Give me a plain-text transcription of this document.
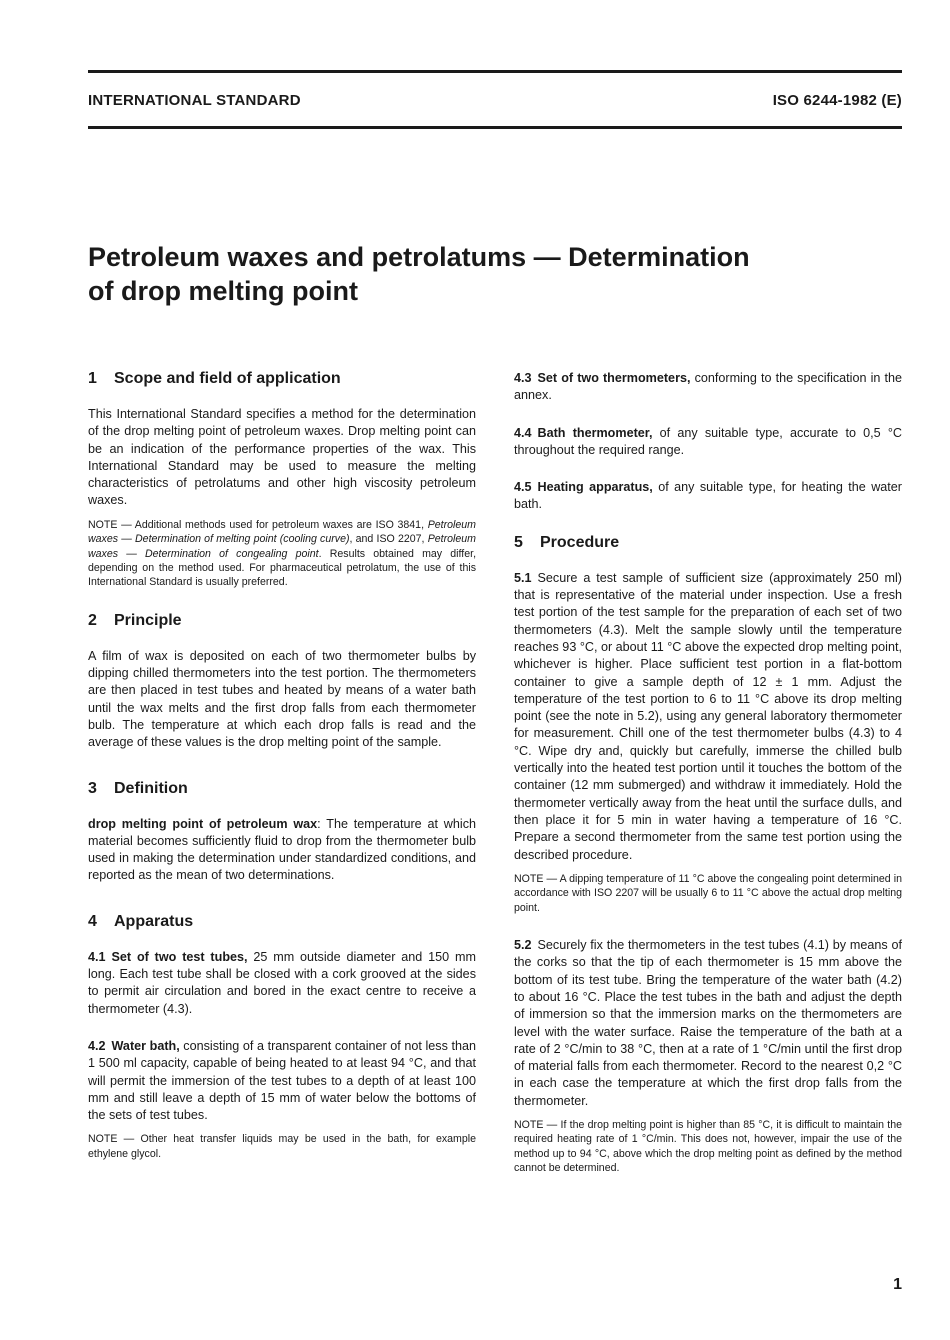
INTERNATIONAL STANDARD	ISO 6244-1982 (E)
Petroleum waxes and petrolatums — Determination
of drop melting point
1 Scope and field of application

This International Standard specifies a method for the determination of the drop melting point of petroleum waxes. Drop melting point can be an indication of the performance properties of the wax. This International Standard may be used to measure the melting characteristics of petrolatums and other high viscosity petroleum waxes.

NOTE — Additional methods used for petroleum waxes are ISO 3841, Petroleum waxes — Determination of melting point (cooling curve), and ISO 2207, Petroleum waxes — Determination of congealing point. Results obtained may differ, depending on the method used. For pharmaceutical petrolatum, the use of this International Standard is usually preferred.
2 Principle

A film of wax is deposited on each of two thermometer bulbs by dipping chilled thermometers into the test portion. The thermometers are then placed in test tubes and heated by means of a water bath until the wax melts and the first drop falls from each thermometer bulb. The temperature at which each drop falls is read and the average of these values is the drop melting point of the sample.

3 Definition

drop melting point of petroleum wax: The temperature at which material becomes sufficiently fluid to drop from the thermometer bulb used in making the determination under standardized conditions, and reported as the mean of two determinations.

4 Apparatus

4.1 Set of two test tubes, 25 mm outside diameter and 150 mm long. Each test tube shall be closed with a cork grooved at the sides to permit air circulation and bored in the exact centre to receive a thermometer (4.3).

4.2 Water bath, consisting of a transparent container of not less than 1 500 ml capacity, capable of being heated to at least 94 °C, and that will permit the immersion of the test tubes to a depth of at least 100 mm and still leave a depth of 15 mm of water below the bottoms of the sets of test tubes.

NOTE — Other heat transfer liquids may be used in the bath, for example ethylene glycol.

4.3 Set of two thermometers, conforming to the specification in the annex.

4.4 Bath thermometer, of any suitable type, accurate to 0,5 °C throughout the required range.

4.5 Heating apparatus, of any suitable type, for heating the water bath.

5 Procedure

5.1 Secure a test sample of sufficient size (approximately 250 ml) that is representative of the material under inspection. Use a fresh test portion of the test sample for the preparation of each set of two thermometers (4.3). Melt the sample slowly until the temperature reaches 93 °C, or about 11 °C above the expected drop melting point, whichever is higher. Place sufficient test portion in a flat-bottom container to give a sample depth of 12 ± 1 mm. Adjust the temperature of the test portion to 6 to 11 °C above its drop melting point (see the note in 5.2), using any general laboratory thermometer for measurement. Chill one of the test thermometer bulbs (4.3) to 4 °C. Wipe dry and, quickly but carefully, immerse the chilled bulb vertically into the heated test portion until it touches the bottom of the container (12 mm submerged) and withdraw it immediately. Hold the thermometer vertically away from the heat until the surface dulls, and then place it for 5 min in water having a temperature of 16 °C. Prepare a second thermometer from the same test portion using the described procedure.

NOTE — A dipping temperature of 11 °C above the congealing point determined in accordance with ISO 2207 will be usually 6 to 11 °C above the actual drop melting point.

5.2 Securely fix the thermometers in the test tubes (4.1) by means of the corks so that the tip of each thermometer is 15 mm above the bottom of its test tube. Bring the temperature of the water bath (4.2) to about 16 °C. Place the test tubes in the bath and adjust the depth of immersion so that the immersion marks on the thermometers are level with the water surface. Raise the temperature of the bath at a rate of 2 °C/min to 38 °C, then at a rate of 1 °C/min until the first drop of material falls from each thermometer. Record to the nearest 0,2 °C in each case the temperature at which the first drop falls from the thermometer.

NOTE — If the drop melting point is higher than 85 °C, it is difficult to maintain the required heating rate of 1 °C/min. This does not, however, impair the use of the method up to 94 °C, above which the drop melting point as defined by the method cannot be determined.
1
